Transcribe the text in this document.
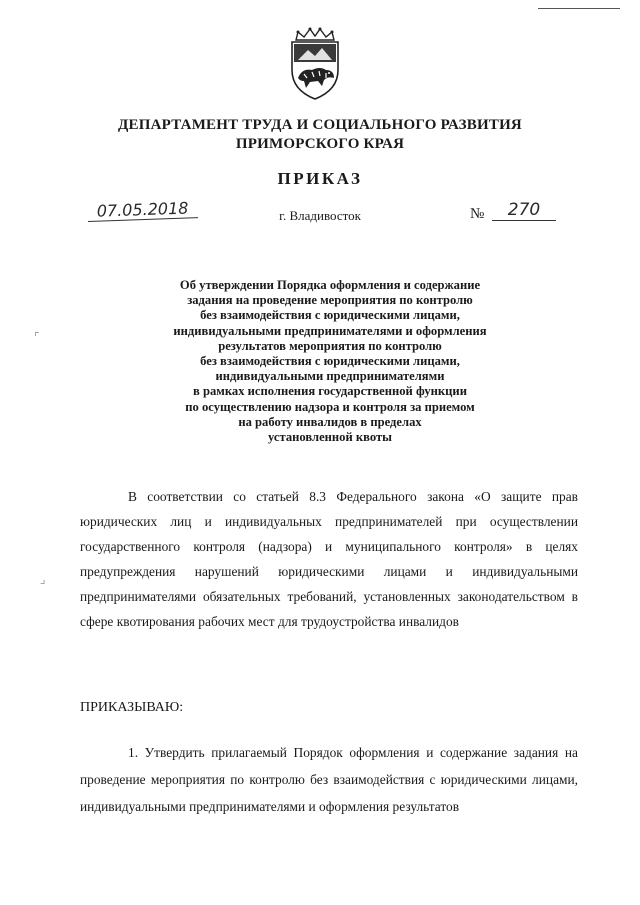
ДЕПАРТАМЕНТ ТРУДА И СОЦИАЛЬНОГО РАЗВИТИЯ
ПРИМОРСКОГО КРАЯ
ПРИКАЗ
07.05.2018	г. Владивосток	№	270
Об утверждении Порядка оформления и содержание
задания на проведение мероприятия по контролю
без взаимодействия с юридическими лицами,
индивидуальными предпринимателями и оформления
результатов мероприятия по контролю
без взаимодействия с юридическими лицами,
индивидуальными предпринимателями
в рамках исполнения государственной функции
по осуществлению надзора и контроля за приемом
на работу инвалидов в пределах
установленной квоты
⌜
⌟

В соответствии со статьей 8.3 Федерального закона «О защите прав юридических лиц и индивидуальных предпринимателей при осуществлении государственного контроля (надзора) и муниципального контроля» в целях предупреждения нарушений юридическими лицами и индивидуальными предпринимателями обязательных требований, установленных законодательством в сфере квотирования рабочих мест для трудоустройства инвалидов

ПРИКАЗЫВАЮ:

1. Утвердить прилагаемый Порядок оформления и содержание задания на проведение мероприятия по контролю без взаимодействия с юридическими лицами, индивидуальными предпринимателями и оформления результатов
